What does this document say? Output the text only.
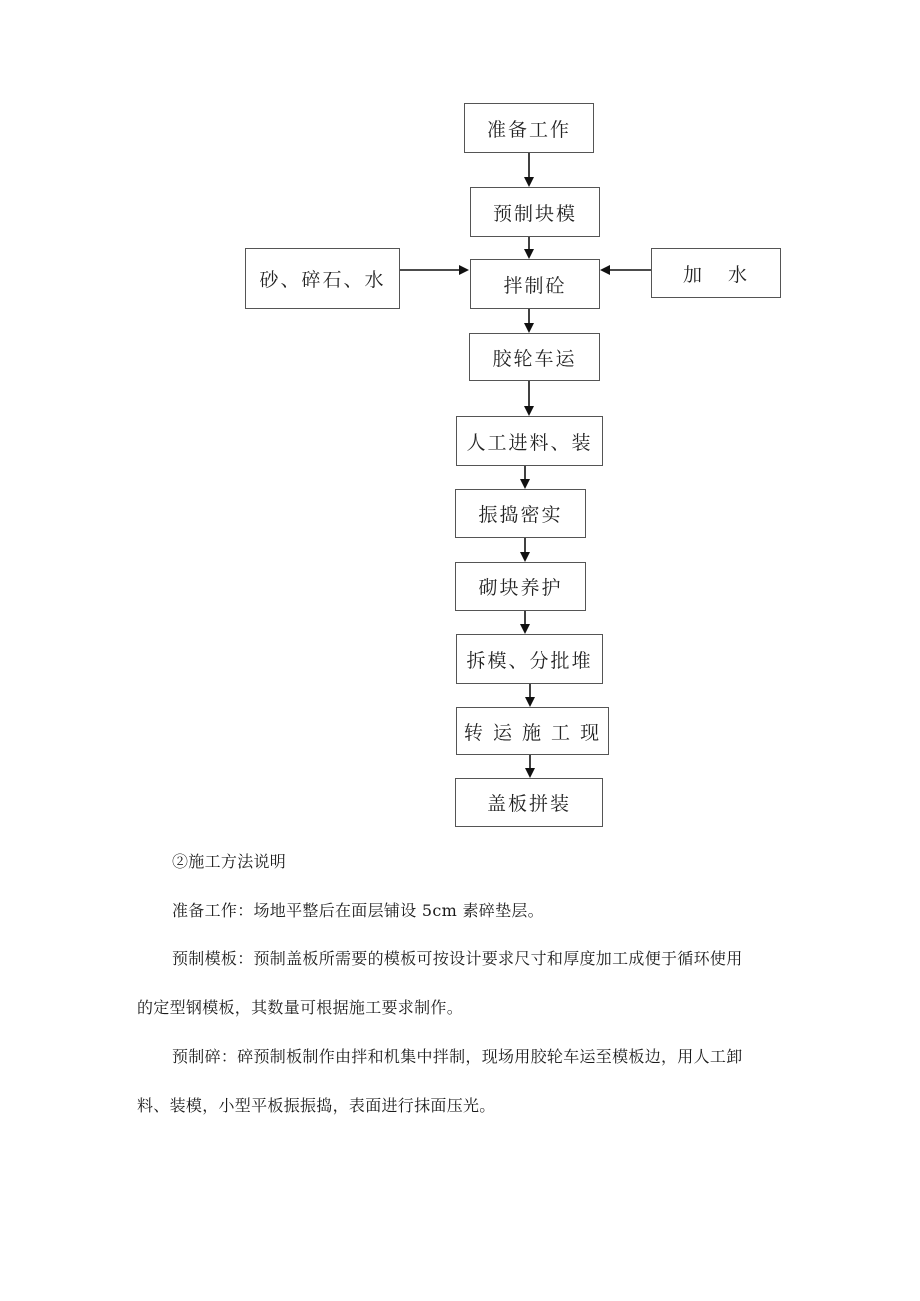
准备工作
预制块模
砂、碎石、水	拌制砼	加   水
胶轮车运
人工进料、装
振捣密实
砌块养护
拆模、分批堆
转 运 施 工 现
盖板拼装
②施工方法说明
准备工作：场地平整后在面层铺设 5cm 素碎垫层。
预制模板：预制盖板所需要的模板可按设计要求尺寸和厚度加工成便于循环使用
的定型钢模板，其数量可根据施工要求制作。
预制碎：碎预制板制作由拌和机集中拌制，现场用胶轮车运至模板边，用人工卸
料、装模，小型平板振振捣，表面进行抹面压光。
